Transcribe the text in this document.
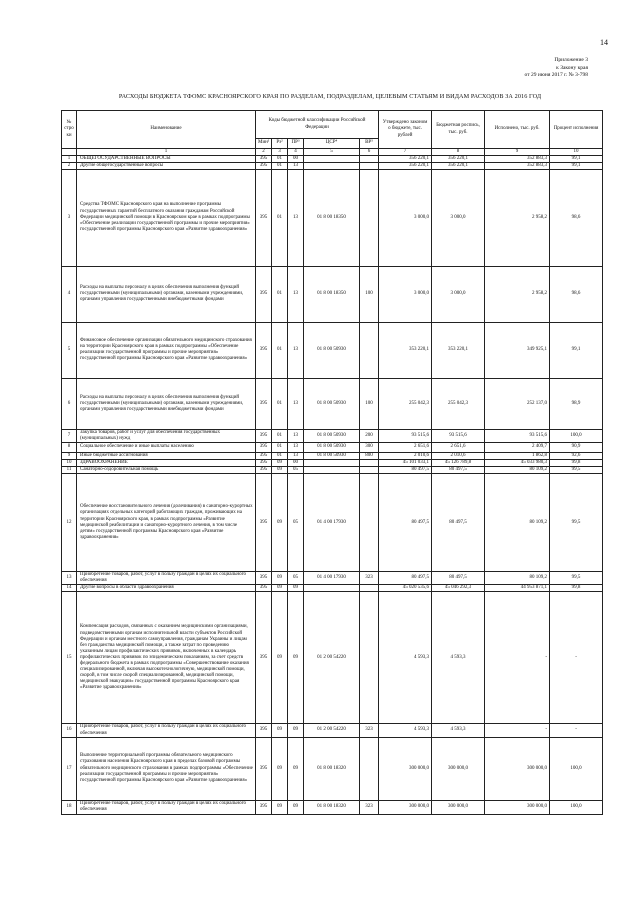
14
Приложение 3
к Закону края
от 29 июня 2017 г. № 3-798
РАСХОДЫ БЮДЖЕТА ТФОМС КРАСНОЯРСКОГО КРАЯ ПО РАЗДЕЛАМ, ПОДРАЗДЕЛАМ, ЦЕЛЕВЫМ СТАТЬЯМ И ВИДАМ РАСХОДОВ ЗА 2016 ГОД
№ стро ки	Наименование	Коды бюджетной классификации Российской Федерации					Утверждено законом о бюджете, тыс. рублей	Бюджетная роспись, тыс. руб.	Исполнено, тыс. руб.	Процент исполнения
		Мин¹	Рз²	ПР³	ЦСР⁴	ВР⁵				
	1	2	3	4	5	6	7	8	9	10
1	ОБЩЕГОСУДАРСТВЕННЫЕ ВОПРОСЫ	395	01	00			356 220,1	356 220,1	352 883,3	99,1
2	Другие общегосударственные вопросы	395	01	13			356 220,1	356 220,1	352 883,3	99,1
3	Средства ТФОМС Красноярского края на выполнение программы государственных гарантий бесплатного оказания гражданам Российской Федерации медицинской помощи в Красноярском крае в рамках подпрограммы «Обеспечение реализации государственной программы и прочие мероприятия» государственной программы Красноярского края «Развитие здравоохранения»	395	01	13	01 8 00 18350		3 000,0	3 000,0	2 958,2	98,6
4	Расходы на выплаты персоналу в целях обеспечения выполнения функций государственными (муниципальными) органами, казенными учреждениями, органами управления государственными внебюджетными фондами	395	01	13	01 8 00 18350	100	3 000,0	3 000,0	2 958,2	98,6
5	Финансовое обеспечение организации обязательного медицинского страхования на территории Красноярского края в рамках подпрограммы «Обеспечение реализации государственной программы и прочие мероприятия» государственной программы Красноярского края «Развитие здравоохранения»	395	01	13	01 8 00 50930		353 220,1	353 220,1	349 925,1	99,1
6	Расходы на выплаты персоналу в целях обеспечения выполнения функций государственными (муниципальными) органами, казенными учреждениями, органами управления государственными внебюджетными фондами	395	01	13	01 8 00 50930	100	255 042,3	255 042,3	252 137,0	98,9
7	Закупка товаров, работ и услуг для обеспечения государственных (муниципальных) нужд	395	01	13	01 8 00 50930	200	93 515,6	93 515,6	93 515,6	100,0
8	Социальное обеспечение и иные выплаты населению	395	01	13	01 8 00 50930	300	2 651,6	2 651,6	2 409,7	90,9
9	Иные бюджетные ассигнования	395	01	13	01 8 00 50930	800	2 010,6	2 010,6	1 862,8	92,6
10	ЗДРАВООХРАНЕНИЕ	395	09	00			45 101 033,1	45 126 789,8	45 033 980,3	99,8
11	Санаторно-оздоровительная помощь	395	09	05			80 497,5	80 497,5	80 109,2	99,5
12	Обеспечение восстановительного лечения (долечивания) в санаторно-курортных организациях отдельных категорий работающих граждан, проживающих на территории Красноярского края, в рамках подпрограммы «Развитие медицинской реабилитации и санаторно-курортного лечения, в том числе детям» государственной программы Красноярского края «Развитие здравоохранения»	395	09	05	01 4 00 17930		80 497,5	80 497,5	80 109,2	99,5
13	Приобретение товаров, работ, услуг в пользу граждан в целях их социального обеспечения	395	09	05	01 4 00 17930	323	80 497,5	80 497,5	80 109,2	99,5
14	Другие вопросы в области здравоохранения	395	09	09			45 020 535,6	45 046 292,3	44 953 871,1	99,8
15	Компенсация расходов, связанных с оказанием медицинскими организациями, подведомственными органам исполнительной власти субъектов Российской Федерации и органам местного самоуправления, гражданам Украины и лицам без гражданства медицинской помощи, а также затрат по проведению указанным лицам профилактических прививок, включенных в календарь профилактических прививок по эпидемическим показаниям, за счет средств федерального бюджета в рамках подпрограммы «Совершенствование оказания специализированной, включая высокотехнологичную, медицинской помощи, скорой, в том числе скорой специализированной, медицинской помощи, медицинской эвакуации» государственной программы Красноярского края «Развитие здравоохранения»	395	09	09	01 2 00 54220		4 593,3	4 593,3	-	-
16	Приобретение товаров, работ, услуг в пользу граждан в целях их социального обеспечения	395	09	09	01 2 00 54220	323	4 593,3	4 593,3	-	-
17	Выполнение территориальной программы обязательного медицинского страхования населения Красноярского края в пределах базовой программы обязательного медицинского страхования в рамках подпрограммы «Обеспечение реализации государственной программы и прочие мероприятия» государственной программы Красноярского края «Развитие здравоохранения»	395	09	09	01 8 00 18320		300 000,0	300 000,0	300 000,0	100,0
18	Приобретение товаров, работ, услуг в пользу граждан в целях их социального обеспечения	395	09	09	01 8 00 18320	323	300 000,0	300 000,0	300 000,0	100,0
